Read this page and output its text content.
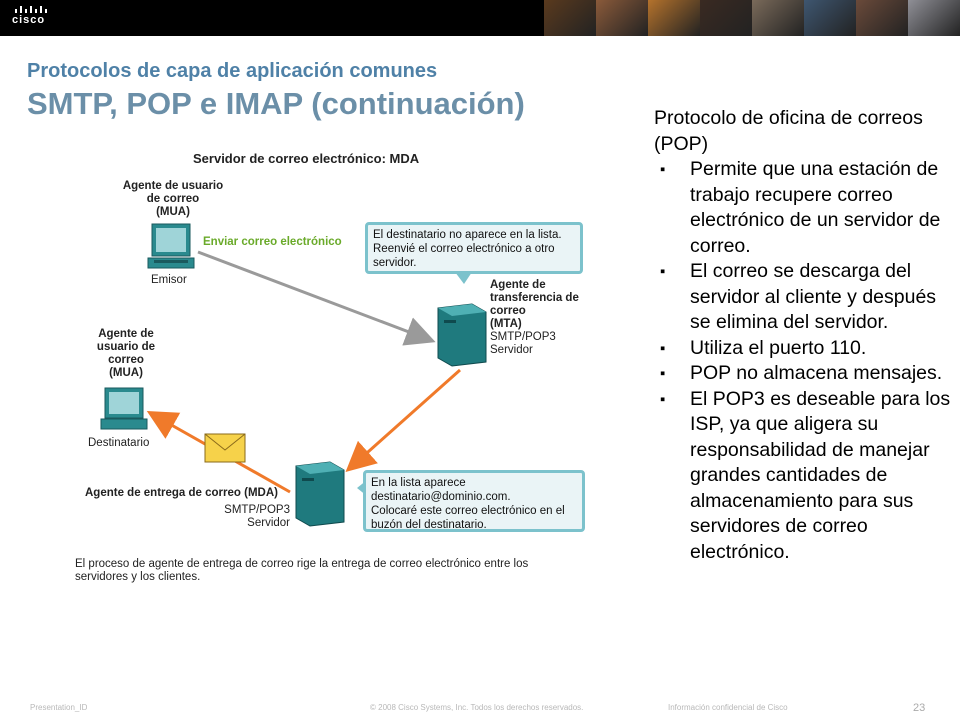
cisco
Protocolos de capa de aplicación comunes
SMTP, POP e IMAP (continuación)	Protocolo de oficina de correos (POP)

▪ Permite que una estación de trabajo recupere correo electrónico de un servidor de correo.
▪ El correo se descarga del servidor al cliente y después se elimina del servidor.
▪ Utiliza el puerto 110.
▪ POP no almacena mensajes.
▪ El POP3 es deseable para los ISP, ya que aligera su responsabilidad de manejar grandes cantidades de almacenamiento para sus servidores de correo electrónico.
Servidor de correo electrónico: MDA
Agente de usuario
de correo
(MUA)
Emisor
Enviar correo electrónico
El destinatario no aparece en la lista.
Reenvié el correo electrónico a otro
servidor.
Agente de
transferencia de
correo
(MTA)
SMTP/POP3
Servidor
Agente de
usuario de
correo
(MUA)
Destinatario
Agente de entrega de correo (MDA)
SMTP/POP3
Servidor
En la lista aparece
destinatario@dominio.com.
Colocaré este correo electrónico en el
buzón del destinatario.
El proceso de agente de entrega de correo rige la entrega de correo electrónico entre los
servidores y los clientes.
Presentation_ID	© 2008 Cisco Systems, Inc. Todos los derechos reservados.	Información confidencial de Cisco	23
